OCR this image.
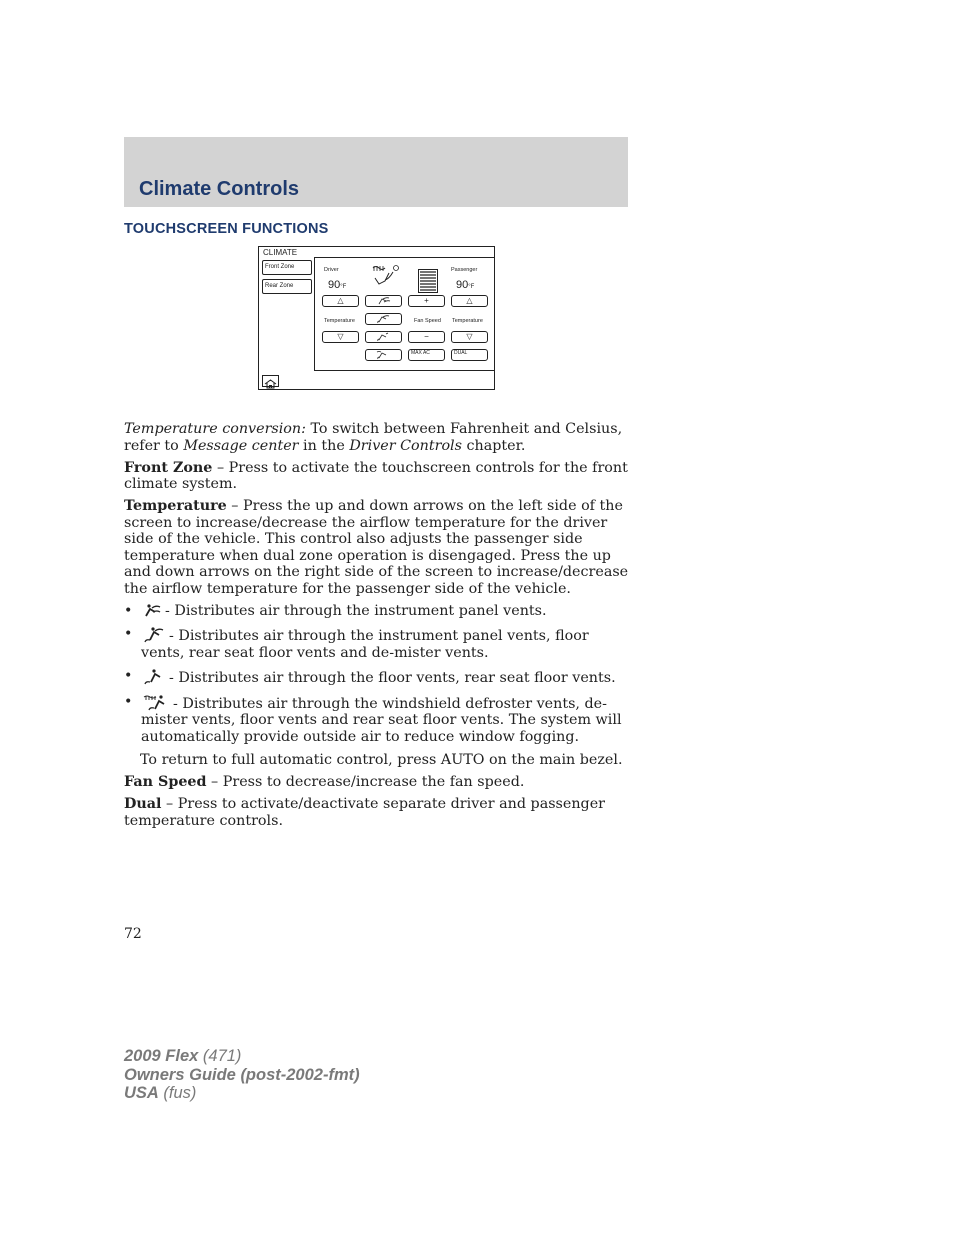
Climate Controls
TOUCHSCREEN FUNCTIONS
CLIMATE
Front Zone
Rear Zone
Driver	Passenger
90°F	90°F
△	+	△
Temperature	Fan Speed Temperature
▽	−	▽
MAX AC	DUAL

Temperature conversion: To switch between Fahrenheit and Celsius, refer to Message center in the Driver Controls chapter.

Front Zone – Press to activate the touchscreen controls for the front climate system.

Temperature – Press the up and down arrows on the left side of the screen to increase/decrease the airflow temperature for the driver side of the vehicle. This control also adjusts the passenger side temperature when dual zone operation is disengaged. Press the up and down arrows on the right side of the screen to increase/decrease the airflow temperature for the passenger side of the vehicle.

•	- Distributes air through the instrument panel vents.
•	- Distributes air through the instrument panel vents, floor vents, rear seat floor vents and de-mister vents.
•	- Distributes air through the floor vents, rear seat floor vents.
•	- Distributes air through the windshield defroster vents, de-mister vents, floor vents and rear seat floor vents. The system will automatically provide outside air to reduce window fogging.

To return to full automatic control, press AUTO on the main bezel.

Fan Speed – Press to decrease/increase the fan speed.

Dual – Press to activate/deactivate separate driver and passenger temperature controls.

72
2009 Flex (471)
Owners Guide (post-2002-fmt)
USA (fus)
